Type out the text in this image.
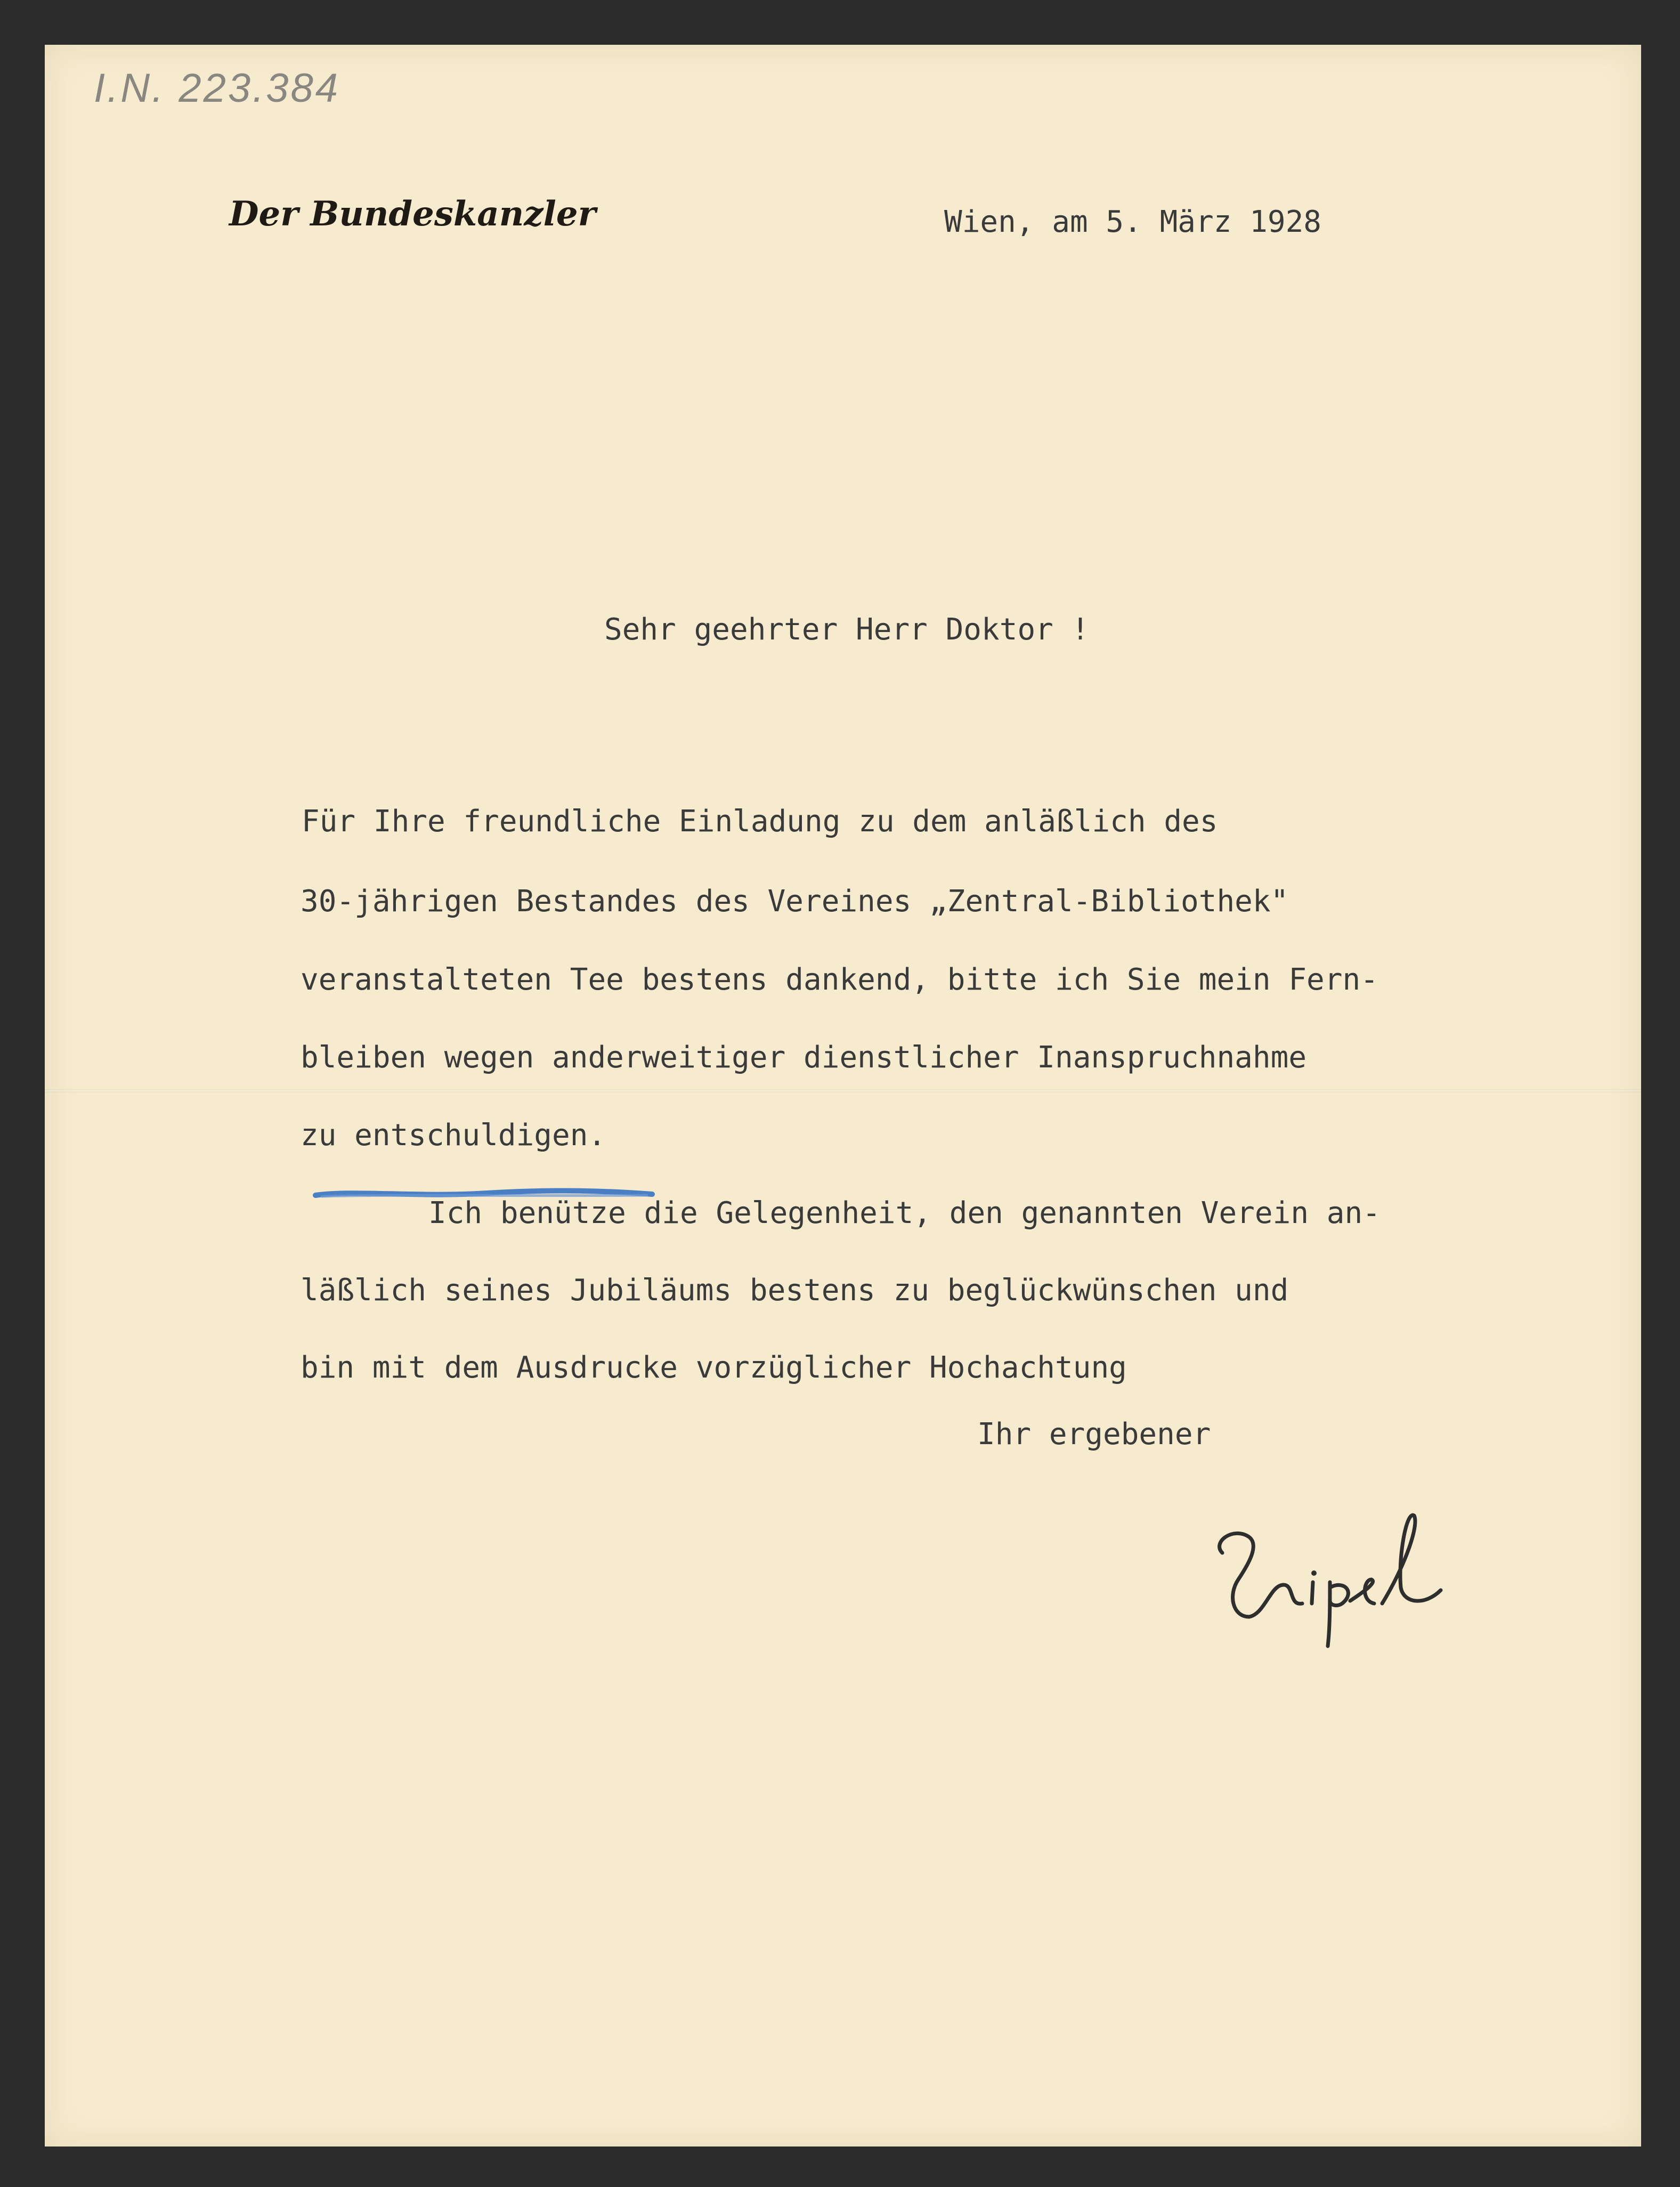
I.N. 223.384
Der Bundeskanzler	Wien, am 5. März 1928
Sehr geehrter Herr Doktor !
Für Ihre freundliche Einladung zu dem anläßlich des
30-jährigen Bestandes des Vereines „Zentral-Bibliothek"
veranstalteten Tee bestens dankend, bitte ich Sie mein Fern-
bleiben wegen anderweitiger dienstlicher Inanspruchnahme
zu entschuldigen.
Ich benütze die Gelegenheit, den genannten Verein an-
läßlich seines Jubiläums bestens zu beglückwünschen und
bin mit dem Ausdrucke vorzüglicher Hochachtung
Ihr ergebener
